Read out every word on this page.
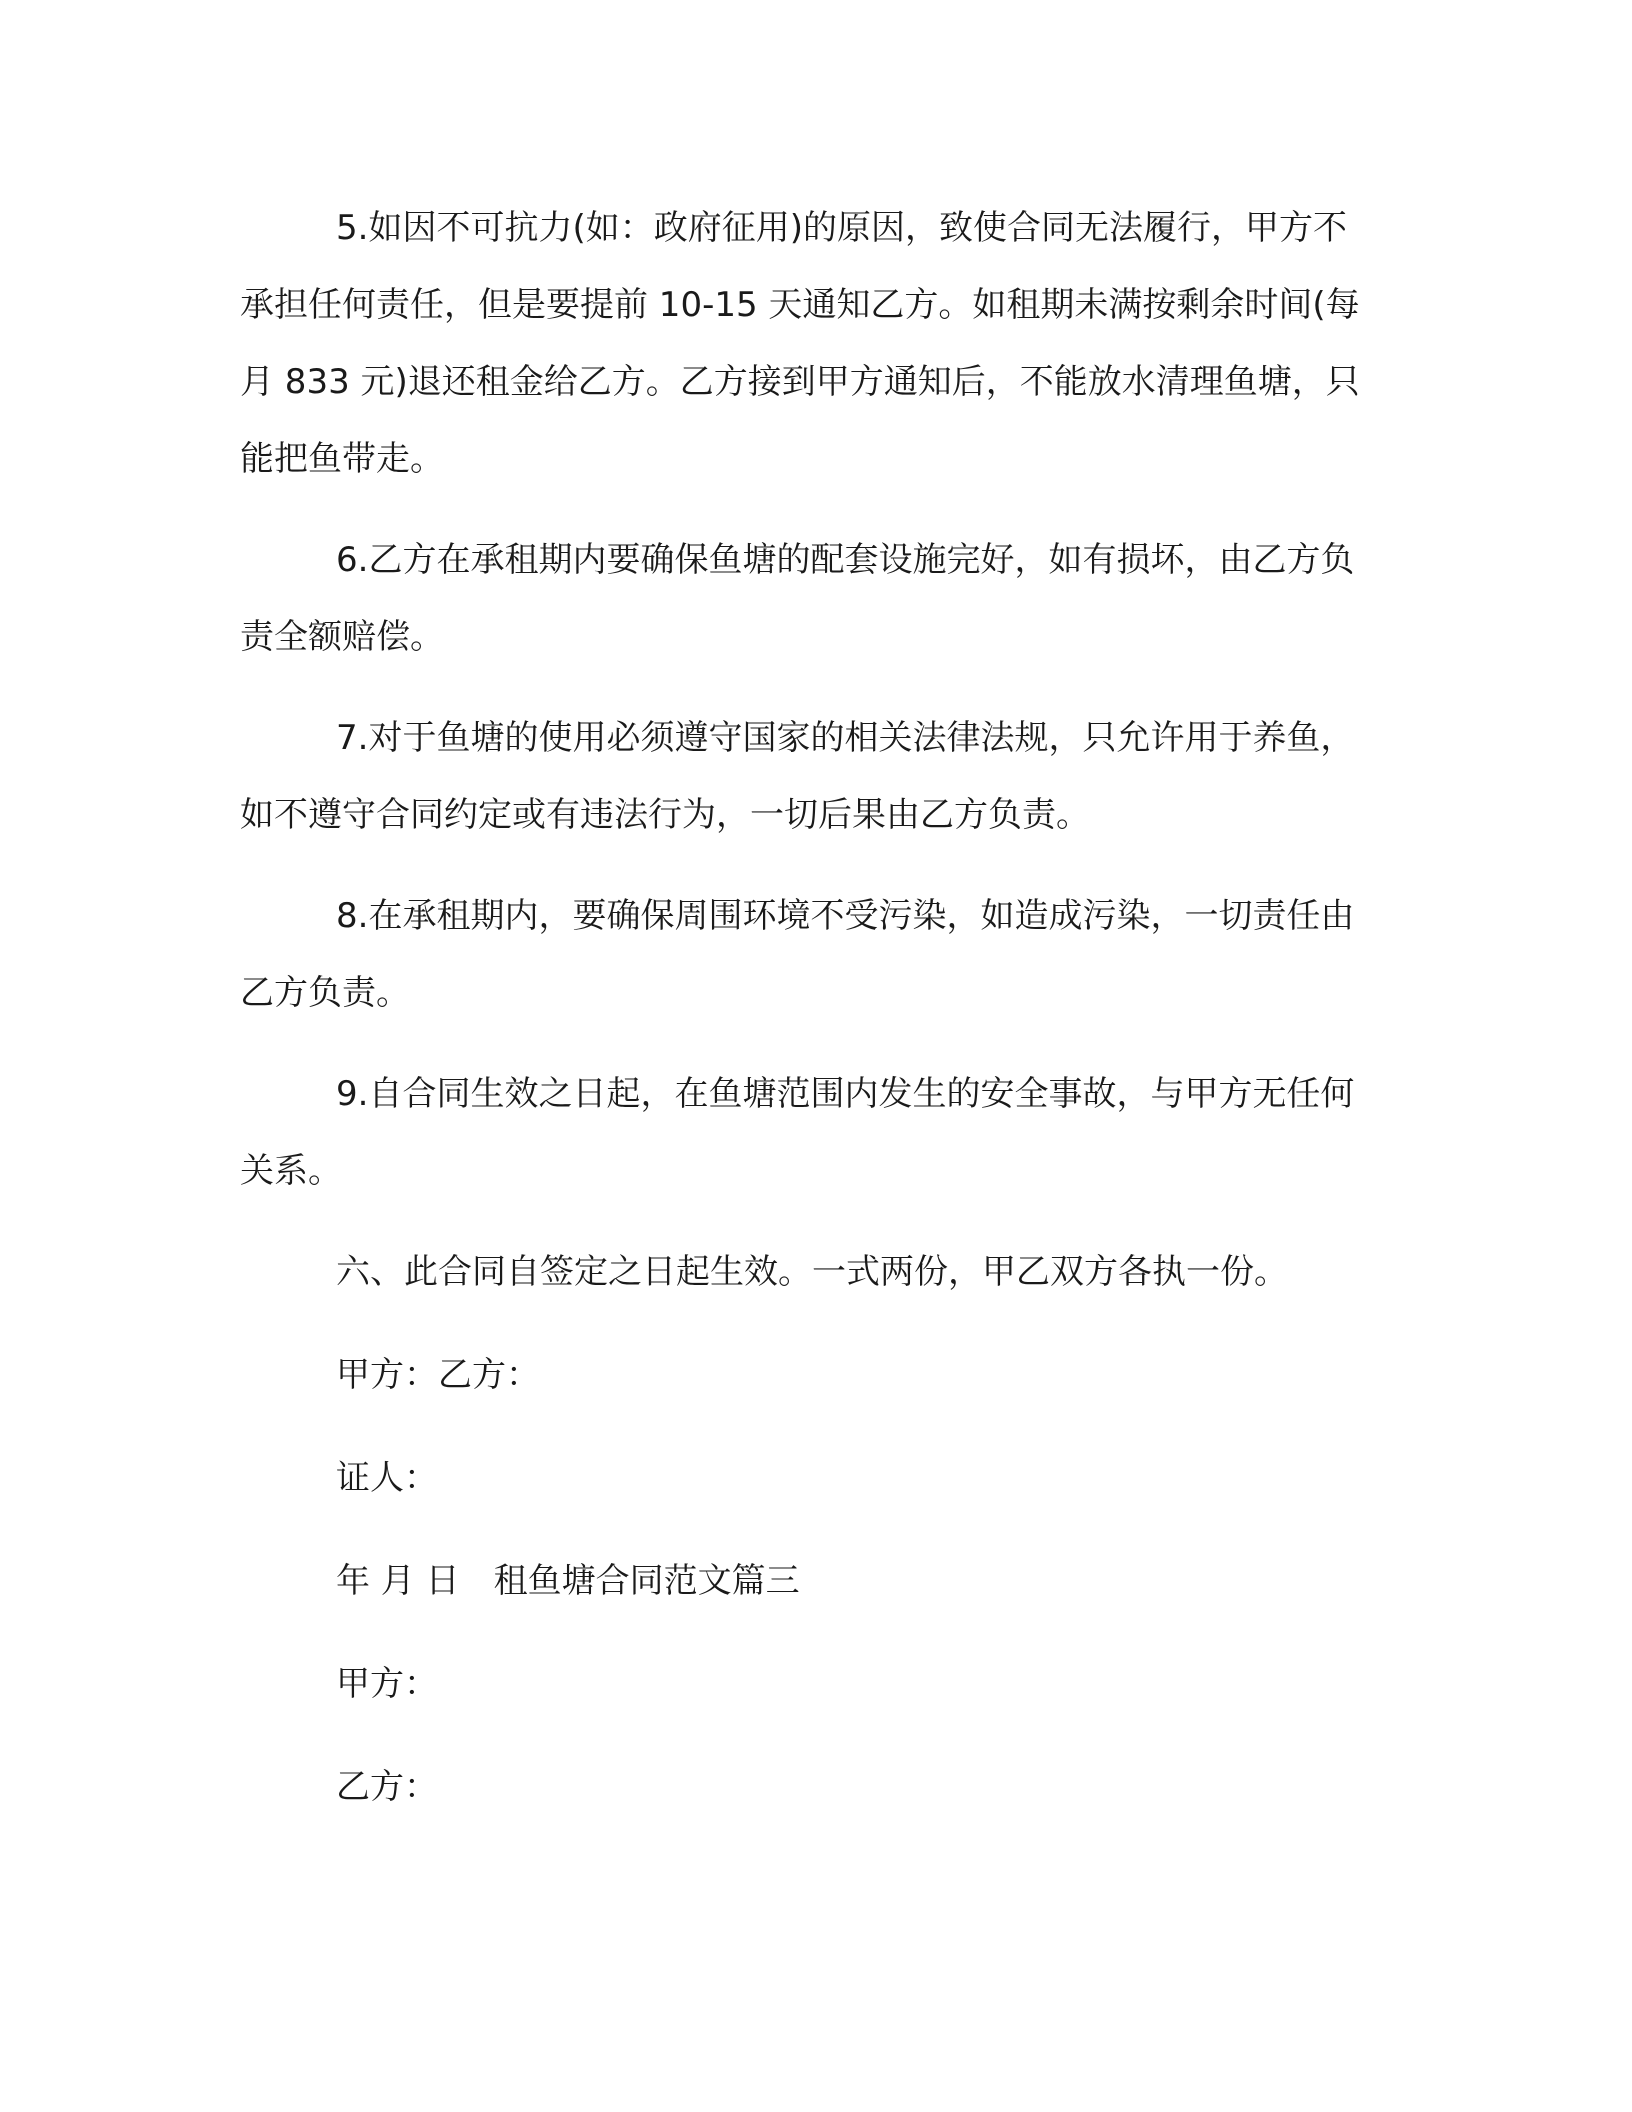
5.如因不可抗力(如：政府征用)的原因，致使合同无法履行，甲方不承担任何责任，但是要提前 10-15 天通知乙方。如租期未满按剩余时间(每月 833 元)退还租金给乙方。乙方接到甲方通知后，不能放水清理鱼塘，只能把鱼带走。

6.乙方在承租期内要确保鱼塘的配套设施完好，如有损坏，由乙方负责全额赔偿。

7.对于鱼塘的使用必须遵守国家的相关法律法规，只允许用于养鱼，如不遵守合同约定或有违法行为，一切后果由乙方负责。

8.在承租期内，要确保周围环境不受污染，如造成污染，一切责任由乙方负责。

9.自合同生效之日起，在鱼塘范围内发生的安全事故，与甲方无任何关系。

六、此合同自签定之日起生效。一式两份，甲乙双方各执一份。

甲方：乙方：

证人：

年 月 日 租鱼塘合同范文篇三

甲方：

乙方：
